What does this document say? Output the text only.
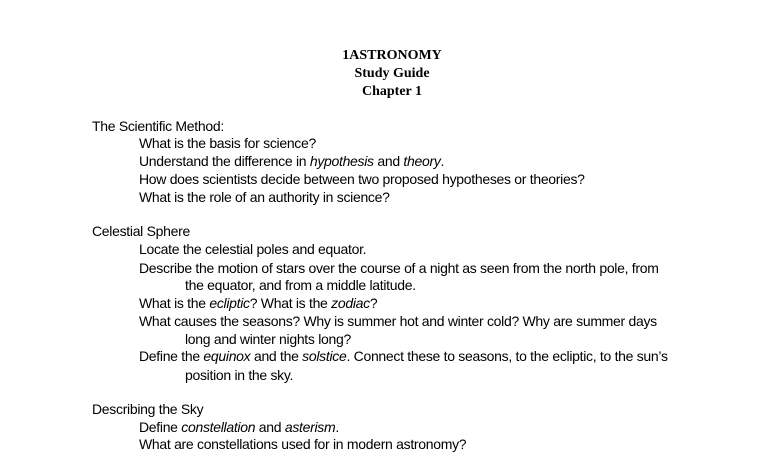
1ASTRONOMY
Study Guide
Chapter 1
The Scientific Method:
What is the basis for science?
Understand the difference in hypothesis and theory.
How does scientists decide between two proposed hypotheses or theories?
What is the role of an authority in science?
Celestial Sphere
Locate the celestial poles and equator.
Describe the motion of stars over the course of a night as seen from the north pole, from
the equator, and from a middle latitude.
What is the ecliptic? What is the zodiac?
What causes the seasons? Why is summer hot and winter cold? Why are summer days
long and winter nights long?
Define the equinox and the solstice. Connect these to seasons, to the ecliptic, to the sun’s
position in the sky.
Describing the Sky
Define constellation and asterism.
What are constellations used for in modern astronomy?
